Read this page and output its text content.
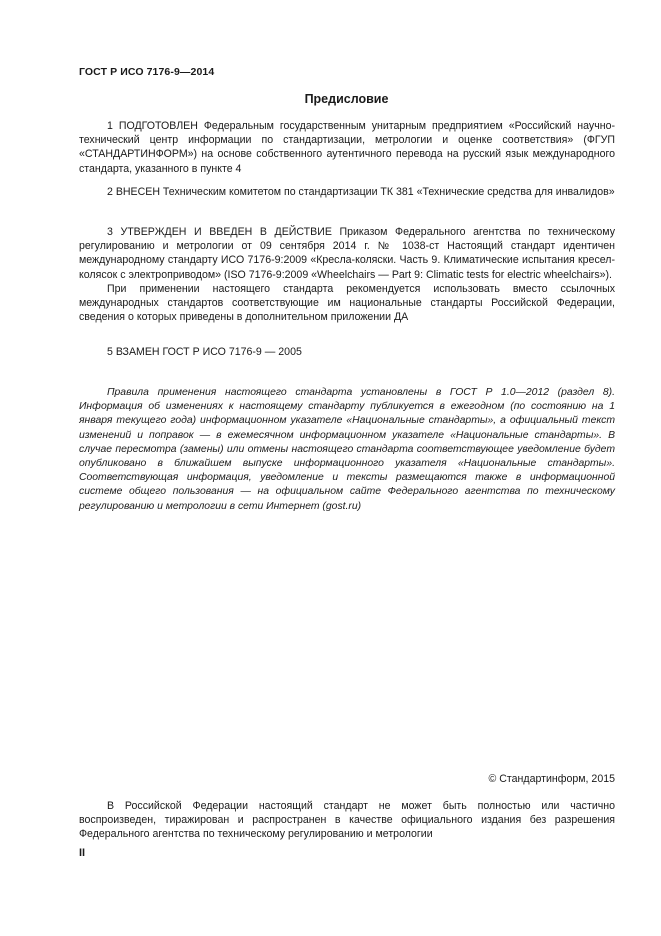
ГОСТ Р ИСО 7176-9—2014
Предисловие

1 ПОДГОТОВЛЕН Федеральным государственным унитарным предприятием «Российский научно-технический центр информации по стандартизации, метрологии и оценке соответствия» (ФГУП «СТАНДАРТИНФОРМ») на основе собственного аутентичного перевода на русский язык международного стандарта, указанного в пункте 4

2 ВНЕСЕН Техническим комитетом по стандартизации ТК 381 «Технические средства для инвалидов»

3 УТВЕРЖДЕН И ВВЕДЕН В ДЕЙСТВИЕ Приказом Федерального агентства по техническому регулированию и метрологии от 09 сентября 2014 г. № 1038-ст Настоящий стандарт идентичен международному стандарту ИСО 7176-9:2009 «Кресла-коляски. Часть 9. Климатические испытания кресел-колясок с электроприводом» (ISO 7176-9:2009 «Wheelchairs — Part 9: Climatic tests for electric wheelchairs»).

При применении настоящего стандарта рекомендуется использовать вместо ссылочных международных стандартов соответствующие им национальные стандарты Российской Федерации, сведения о которых приведены в дополнительном приложении ДА

5 ВЗАМЕН ГОСТ Р ИСО 7176-9 — 2005

Правила применения настоящего стандарта установлены в ГОСТ Р 1.0—2012 (раздел 8). Информация об изменениях к настоящему стандарту публикуется в ежегодном (по состоянию на 1 января текущего года) информационном указателе «Национальные стандарты», а официальный текст изменений и поправок — в ежемесячном информационном указателе «Национальные стандарты». В случае пересмотра (замены) или отмены настоящего стандарта соответствующее уведомление будет опубликовано в ближайшем выпуске информационного указателя «Национальные стандарты». Соответствующая информация, уведомление и тексты размещаются также в информационной системе общего пользования — на официальном сайте Федерального агентства по техническому регулированию и метрологии в сети Интернет (gost.ru)

© Стандартинформ, 2015

В Российской Федерации настоящий стандарт не может быть полностью или частично воспроизведен, тиражирован и распространен в качестве официального издания без разрешения Федерального агентства по техническому регулированию и метрологии

II
